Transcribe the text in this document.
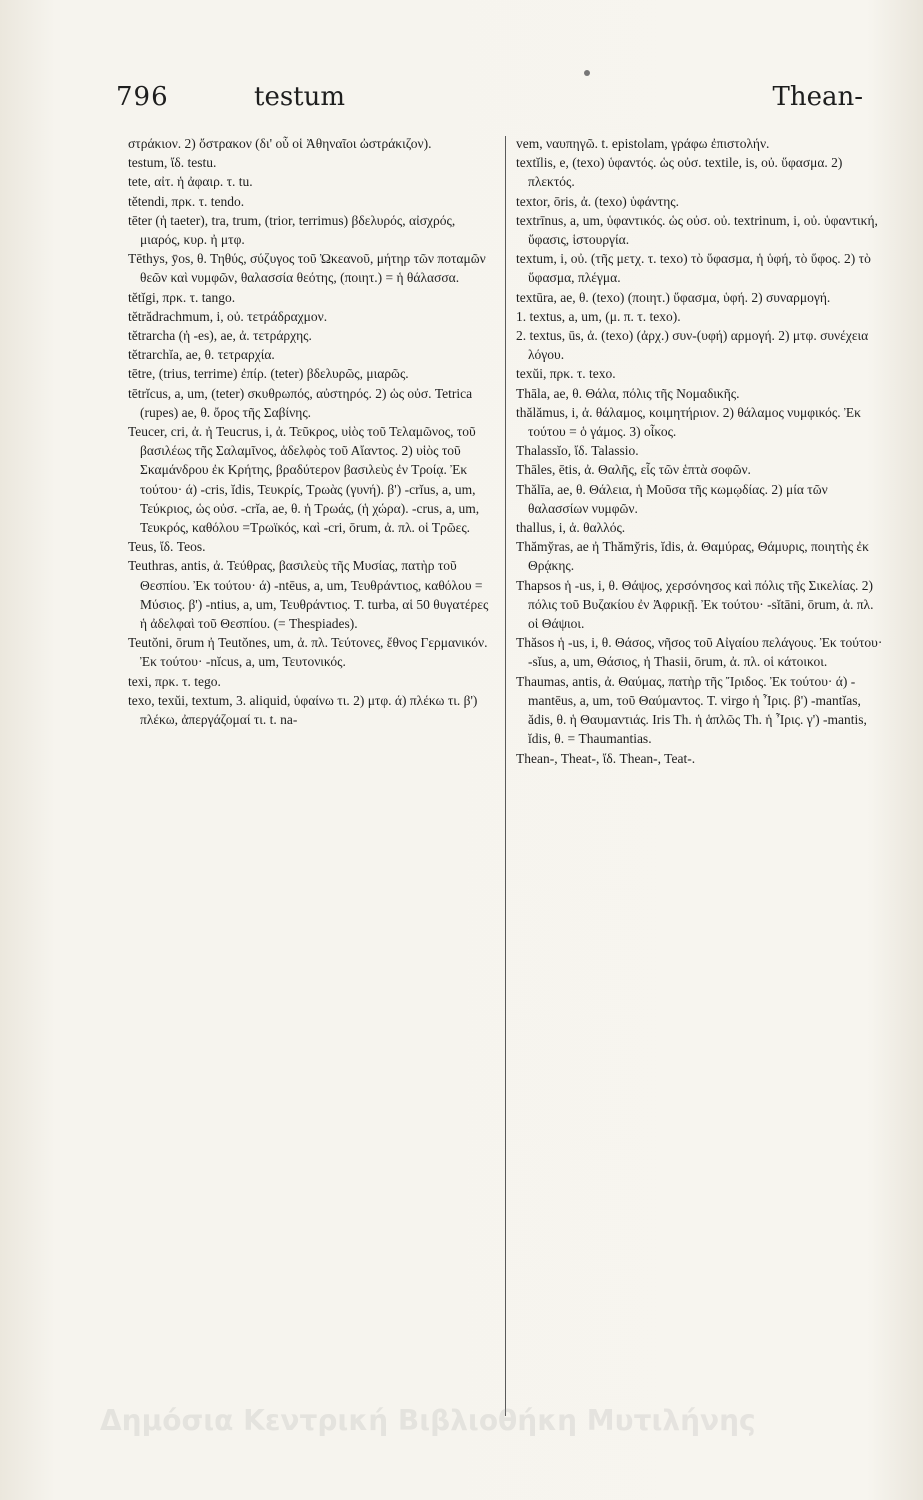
796	testum	Thean-

στράκιον. 2) ὄστρακον (δι' οὗ οἱ Ἀθηναῖοι ὠστράκιζον).

testum, ἴδ. testu.

tete, αἰτ. ἡ ἀφαιρ. τ. tu.

tĕtendi, πρκ. τ. tendo.

tēter (ἡ taeter), tra, trum, (trior, terrimus) βδελυρός, αἰσχρός, μιαρός, κυρ. ἠ μτφ.

Tēthys, ȳos, θ. Τηθύς, σύζυγος τοῦ Ὠκεανοῦ, μήτηρ τῶν ποταμῶν θεῶν καὶ νυμφῶν, θαλασσία θεότης, (ποιητ.) = ἡ θάλασσα.

tĕtĭgi, πρκ. τ. tango.

tĕtrădrachmum, i, οὐ. τετράδραχμον.

tĕtrarcha (ἡ -es), ae, ἀ. τετράρχης.

tĕtrarchĭa, ae, θ. τετραρχία.

tētre, (trius, terrime) ἐπίρ. (teter) βδελυρῶς, μιαρῶς.

tētrĭcus, a, um, (teter) σκυθρωπός, αὐστηρός. 2) ὡς οὐσ. Tetrica (rupes) ae, θ. ὄρος τῆς Σαβίνης.

Teucer, cri, ἀ. ἠ Teucrus, i, ἀ. Τεῦκρος, υἱὸς τοῦ Τελαμῶνος, τοῦ βασιλέως τῆς Σαλαμῖνος, ἀδελφὸς τοῦ Αἴαντος. 2) υἱὸς τοῦ Σκαμάνδρου ἐκ Κρήτης, βραδύτερον βασιλεὺς ἐν Τροίᾳ. Ἐκ τούτου· ά) -cris, ĭdis, Τευκρίς, Τρωὰς (γυνή). β') -crĭus, a, um, Τεύκριος, ὡς οὐσ. -crĭa, ae, θ. ἡ Τρωάς, (ἡ χώρα). -crus, a, um, Τευκρός, καθόλου =Τρωϊκός, καὶ -cri, ōrum, ἀ. πλ. οἱ Τρῶες.

Teus, ἴδ. Teos.

Teuthras, antis, ἀ. Τεύθρας, βασιλεὺς τῆς Μυσίας, πατὴρ τοῦ Θεσπίου. Ἐκ τούτου· ά) -ntēus, a, um, Τευθράντιος, καθόλου = Μύσιος. β') -ntius, a, um, Τευθράντιος. T. turba, αἱ 50 θυγατέρες ἡ ἀδελφαὶ τοῦ Θεσπίου. (= Thespiades).

Teutŏni, ōrum ἠ Teutŏnes, um, ἀ. πλ. Τεύτονες, ἔθνος Γερμανικόν. Ἐκ τούτου· -nĭcus, a, um, Τευτονικός.

texi, πρκ. τ. tego.

texo, texŭi, textum, 3. aliquid, ὑφαίνω τι. 2) μτφ. ά) πλέκω τι. β') πλέκω, ἀπεργάζομαί τι. t. na-

vem, ναυπηγῶ. t. epistolam, γράφω ἐπιστολήν.

textĭlis, e, (texo) ὑφαντός. ὡς οὐσ. textile, is, οὐ. ὕφασμα. 2) πλεκτός.

textor, ōris, ἀ. (texo) ὑφάντης.

textrīnus, a, um, ὑφαντικός. ὡς οὐσ. οὐ. textrinum, i, οὐ. ὑφαντική, ὕφασις, ἱστουργία.

textum, i, οὐ. (τῆς μετχ. τ. texo) τὸ ὕφασμα, ἡ ὑφή, τὸ ὕφος. 2) τὸ ὕφασμα, πλέγμα.

textūra, ae, θ. (texo) (ποιητ.) ὕφασμα, ὑφή. 2) συναρμογή.

1. textus, a, um, (μ. π. τ. texo).

2. textus, ūs, ἀ. (texo) (ἀρχ.) συν-(υφή) αρμογή. 2) μτφ. συνέχεια λόγου.

texŭi, πρκ. τ. texo.

Thāla, ae, θ. Θάλα, πόλις τῆς Νομαδικῆς.

thălămus, i, ἀ. θάλαμος, κοιμητήριον. 2) θάλαμος νυμφικός. Ἐκ τούτου = ὁ γάμος. 3) οἶκος.

Thalassĭo, ἴδ. Talassio.

Thāles, ētis, ἀ. Θαλῆς, εἷς τῶν ἑπτὰ σοφῶν.

Thălīa, ae, θ. Θάλεια, ἡ Μοῦσα τῆς κωμῳδίας. 2) μία τῶν θαλασσίων νυμφῶν.

thallus, i, ἀ. θαλλός.

Thămy̆ras, ae ἠ Thămy̆ris, ĭdis, ἀ. Θαμύρας, Θάμυρις, ποιητὴς ἐκ Θρᾴκης.

Thapsos ἡ -us, i, θ. Θάψος, χερσόνησος καὶ πόλις τῆς Σικελίας. 2) πόλις τοῦ Βυζακίου ἐν Ἀφρικῇ. Ἐκ τούτου· -sĭtāni, ōrum, ἀ. πλ. οἱ Θάψιοι.

Thăsos ἡ -us, i, θ. Θάσος, νῆσος τοῦ Αἰγαίου πελάγους. Ἐκ τούτου· -sĭus, a, um, Θάσιος, ἠ Thasii, ōrum, ἀ. πλ. οἱ κάτοικοι.

Thaumas, antis, ἀ. Θαύμας, πατὴρ τῆς Ἴριδος. Ἐκ τούτου· ά) -mantēus, a, um, τοῦ Θαύμαντος. T. virgo ἡ Ἶρις. β') -mantĭas, ădis, θ. ἡ Θαυμαντιάς. Iris Th. ἡ ἁπλῶς Th. ἡ Ἶρις. γ') -mantis, ĭdis, θ. = Thaumantias.

Thean-, Theat-, ἴδ. Thean-, Teat-.

Δημόσια Κεντρική Βιβλιοθήκη Μυτιλήνης
